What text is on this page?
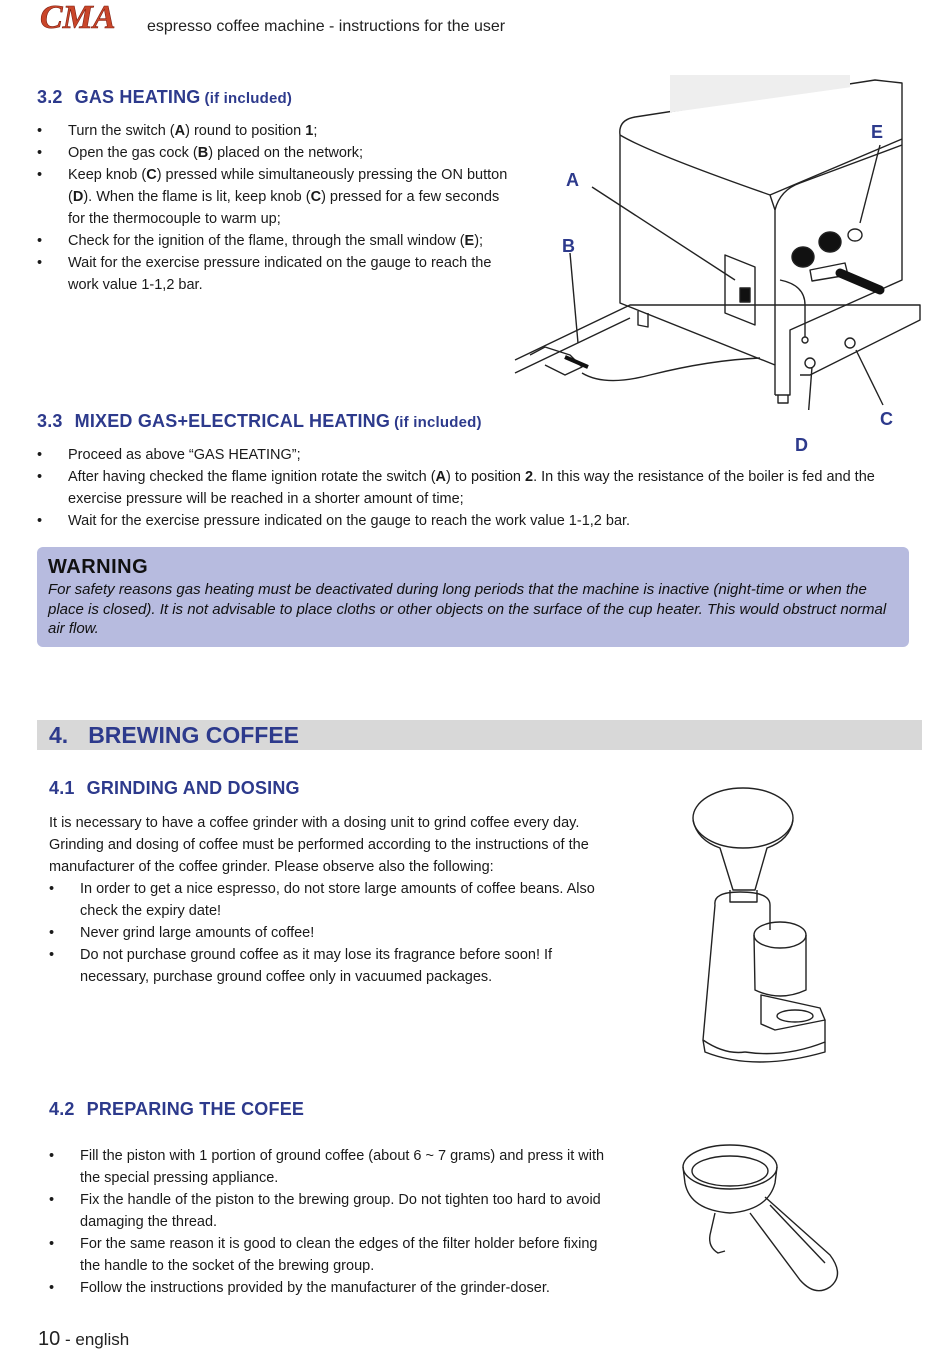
CMA espresso coffee machine - instructions for the user
3.2 GAS HEATING (if included)
• Turn the switch (A) round to position 1;
• Open the gas cock (B) placed on the network;
• Keep knob (C) pressed while simultaneously pressing the ON button (D). When the flame is lit, keep knob (C) pressed for a few seconds for the thermocouple to warm up;
• Check for the ignition of the flame, through the small window (E);
• Wait for the exercise pressure indicated on the gauge to reach the work value 1-1,2 bar.
A
B
E
C
D
3.3 MIXED GAS+ELECTRICAL HEATING (if included)
• Proceed as above “GAS HEATING”;
• After having checked the flame ignition rotate the switch (A) to position 2. In this way the resistance of the boiler is fed and the exercise pressure will be reached in a shorter amount of time;
• Wait for the exercise pressure indicated on the gauge to reach the work value 1-1,2 bar.
WARNING
For safety reasons gas heating must be deactivated during long periods that the machine is inactive (night-time or when the place is closed). It is not advisable to place cloths or other objects on the surface of the cup heater. This would obstruct normal air flow.
4. BREWING COFFEE
4.1 GRINDING AND DOSING

It is necessary to have a coffee grinder with a dosing unit to grind coffee every day. Grinding and dosing of coffee must be performed according to the instructions of the manufacturer of the coffee grinder. Please observe also the following:

• In order to get a nice espresso, do not store large amounts of coffee beans. Also check the expiry date!
• Never grind large amounts of coffee!
• Do not purchase ground coffee as it may lose its fragrance before soon! If necessary, purchase ground coffee only in vacuumed packages.
4.2 PREPARING THE COFEE
• Fill the piston with 1 portion of ground coffee (about 6 ~ 7 grams) and press it with the special pressing appliance.
• Fix the handle of the piston to the brewing group. Do not tighten too hard to avoid damaging the thread.
• For the same reason it is good to clean the edges of the filter holder before fixing the handle to the socket of the brewing group.
• Follow the instructions provided by the manufacturer of the grinder-doser.
10 - english
